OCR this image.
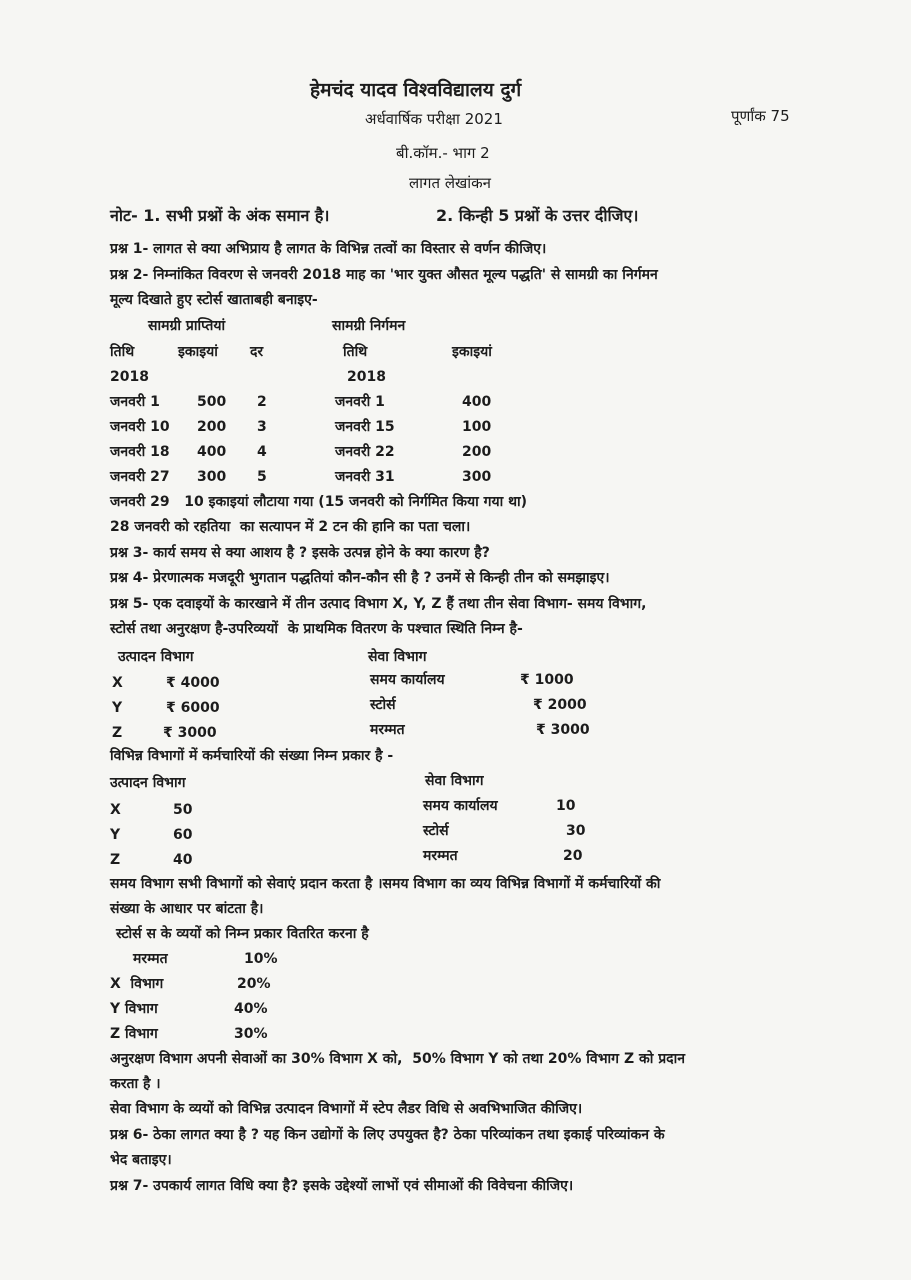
हेमचंद यादव विश्वविद्यालय दुर्ग
अर्धवार्षिक परीक्षा 2021	पूर्णांक 75
बी.कॉम.- भाग 2
लागत लेखांकन
नोट- 1. सभी प्रश्नों के अंक समान है।	2. किन्ही 5 प्रश्नों के उत्तर दीजिए।
प्रश्न 1- लागत से क्या अभिप्राय है लागत के विभिन्न तत्वों का विस्तार से वर्णन कीजिए।
प्रश्न 2- निम्नांकित विवरण से जनवरी 2018 माह का 'भार युक्त औसत मूल्य पद्धति' से सामग्री का निर्गमन
मूल्य दिखाते हुए स्टोर्स खाताबही बनाइए-
सामग्री प्राप्तियां	सामग्री निर्गमन
तिथि	इकाइयां दर	तिथि	इकाइयां
2018	2018
जनवरी 1	500 2	जनवरी 1	400
जनवरी 10 200 3	जनवरी 15	100
जनवरी 18 400 4	जनवरी 22	200
जनवरी 27 300 5	जनवरी 31	300
जनवरी 29   10 इकाइयां लौटाया गया (15 जनवरी को निर्गमित किया गया था)
28 जनवरी को रहतिया  का सत्यापन में 2 टन की हानि का पता चला।
प्रश्न 3- कार्य समय से क्या आशय है ? इसके उत्पन्न होने के क्या कारण है?
प्रश्न 4- प्रेरणात्मक मजदूरी भुगतान पद्धतियां कौन-कौन सी है ? उनमें से किन्ही तीन को समझाइए।
प्रश्न 5- एक दवाइयों के कारखाने में तीन उत्पाद विभाग X, Y, Z हैं तथा तीन सेवा विभाग- समय विभाग,
स्टोर्स तथा अनुरक्षण है-उपरिव्ययों  के प्राथमिक वितरण के पश्चात स्थिति निम्न है-
उत्पादन विभाग	सेवा विभाग
X	₹ 4000	समय कार्यालय	₹ 1000
Y	₹ 6000	स्टोर्स	₹ 2000
Z	₹ 3000	मरम्मत	₹ 3000
विभिन्न विभागों में कर्मचारियों की संख्या निम्न प्रकार है -
उत्पादन विभाग	सेवा विभाग
X	50	समय कार्यालय	10
Y	60	स्टोर्स	30
Z	40	मरम्मत	20
समय विभाग सभी विभागों को सेवाएं प्रदान करता है ।समय विभाग का व्यय विभिन्न विभागों में कर्मचारियों की
संख्या के आधार पर बांटता है।
स्टोर्स स के व्ययों को निम्न प्रकार वितरित करना है
मरम्मत	10%
X  विभाग	20%
Y विभाग	40%
Z विभाग	30%
अनुरक्षण विभाग अपनी सेवाओं का 30% विभाग X को,  50% विभाग Y को तथा 20% विभाग Z को प्रदान
करता है ।
सेवा विभाग के व्ययों को विभिन्न उत्पादन विभागों में स्टेप लैडर विधि से अवभिभाजित कीजिए।
प्रश्न 6- ठेका लागत क्या है ? यह किन उद्योगों के लिए उपयुक्त है? ठेका परिव्यांकन तथा इकाई परिव्यांकन के
भेद बताइए।
प्रश्न 7- उपकार्य लागत विधि क्या है? इसके उद्देश्यों लाभों एवं सीमाओं की विवेचना कीजिए।
